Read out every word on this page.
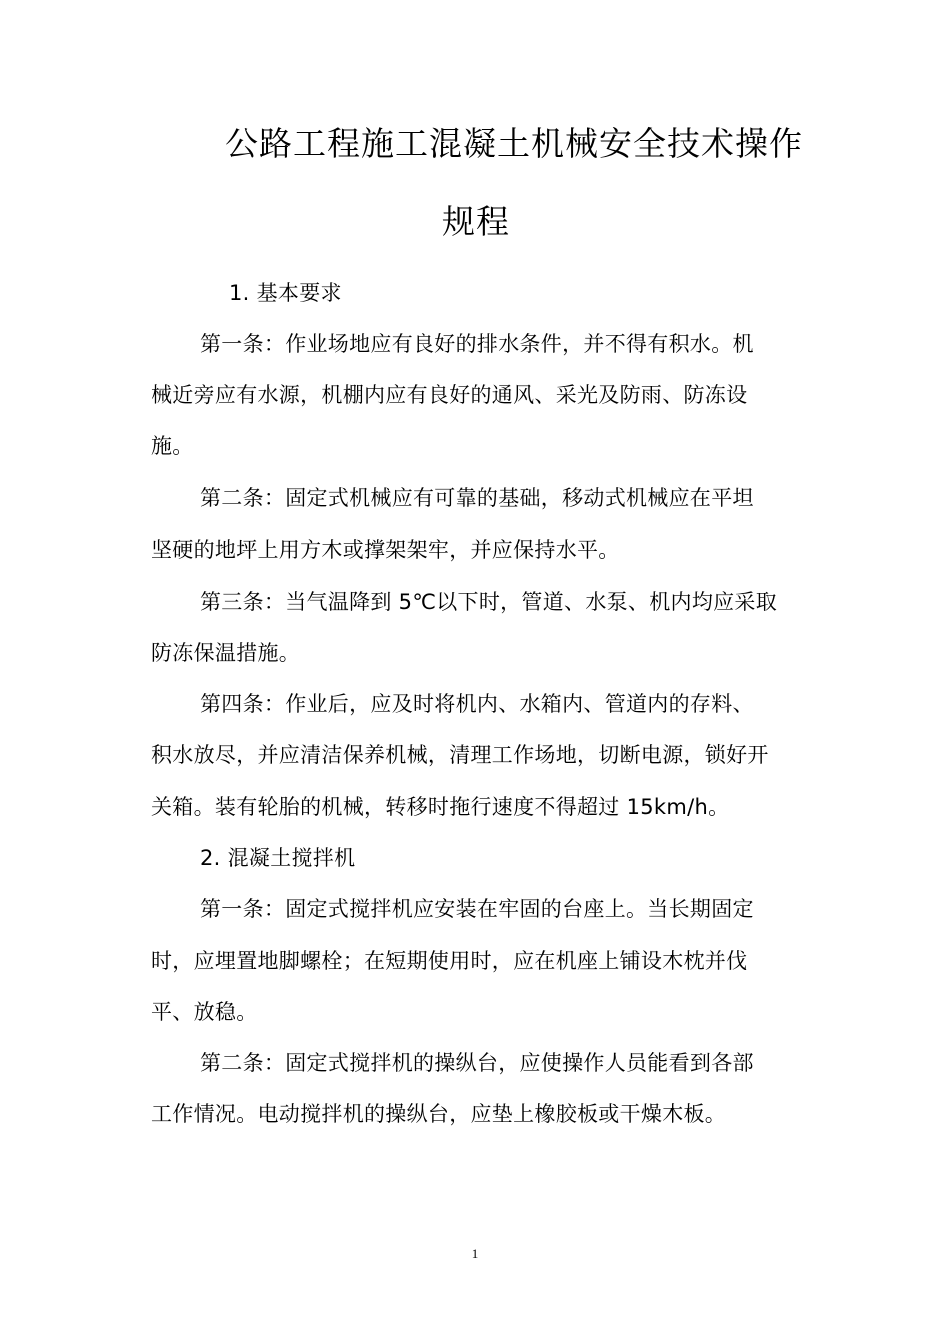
公路工程施工混凝土机械安全技术操作
规程
1. 基本要求
第一条：作业场地应有良好的排水条件，并不得有积水。机
械近旁应有水源，机棚内应有良好的通风、采光及防雨、防冻设
施。
第二条：固定式机械应有可靠的基础，移动式机械应在平坦
坚硬的地坪上用方木或撑架架牢，并应保持水平。
第三条：当气温降到 5℃以下时，管道、水泵、机内均应采取
防冻保温措施。
第四条：作业后，应及时将机内、水箱内、管道内的存料、
积水放尽，并应清洁保养机械，清理工作场地，切断电源，锁好开
关箱。装有轮胎的机械，转移时拖行速度不得超过 15km/h。
2. 混凝土搅拌机
第一条：固定式搅拌机应安装在牢固的台座上。当长期固定
时，应埋置地脚螺栓；在短期使用时，应在机座上铺设木枕并伐
平、放稳。
第二条：固定式搅拌机的操纵台，应使操作人员能看到各部
工作情况。电动搅拌机的操纵台，应垫上橡胶板或干燥木板。
1
